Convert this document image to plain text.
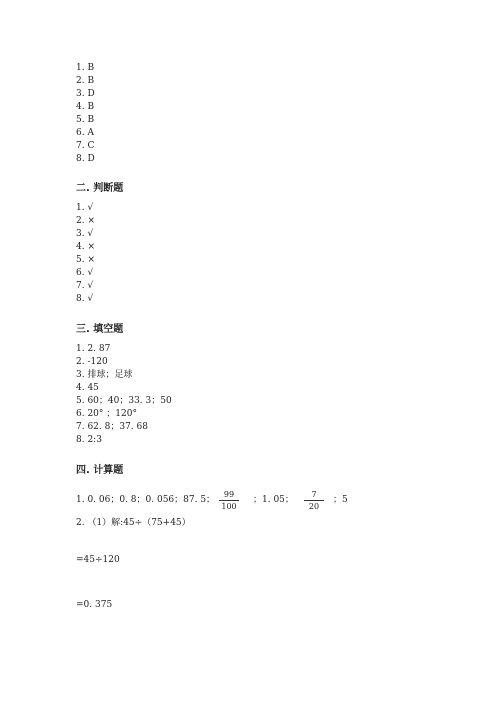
1. B
2. B
3. D
4. B
5. B
6. A
7. C
8. D
二. 判断题
1. √
2. ×
3. √
4. ×
5. ×
6. √
7. √
8. √
三. 填空题
1. 2. 87
2. -120
3. 排球；足球
4. 45
5. 60；40；33. 3；50
6. 20° ；120°
7. 62. 8；37. 68
8. 2:3
四. 计算题
1. 0. 06；0. 8；0. 056；87. 5；
99
100
；1. 05；
7
20
；5
2. （1）解:45÷（75+45）
=45÷120
=0. 375
